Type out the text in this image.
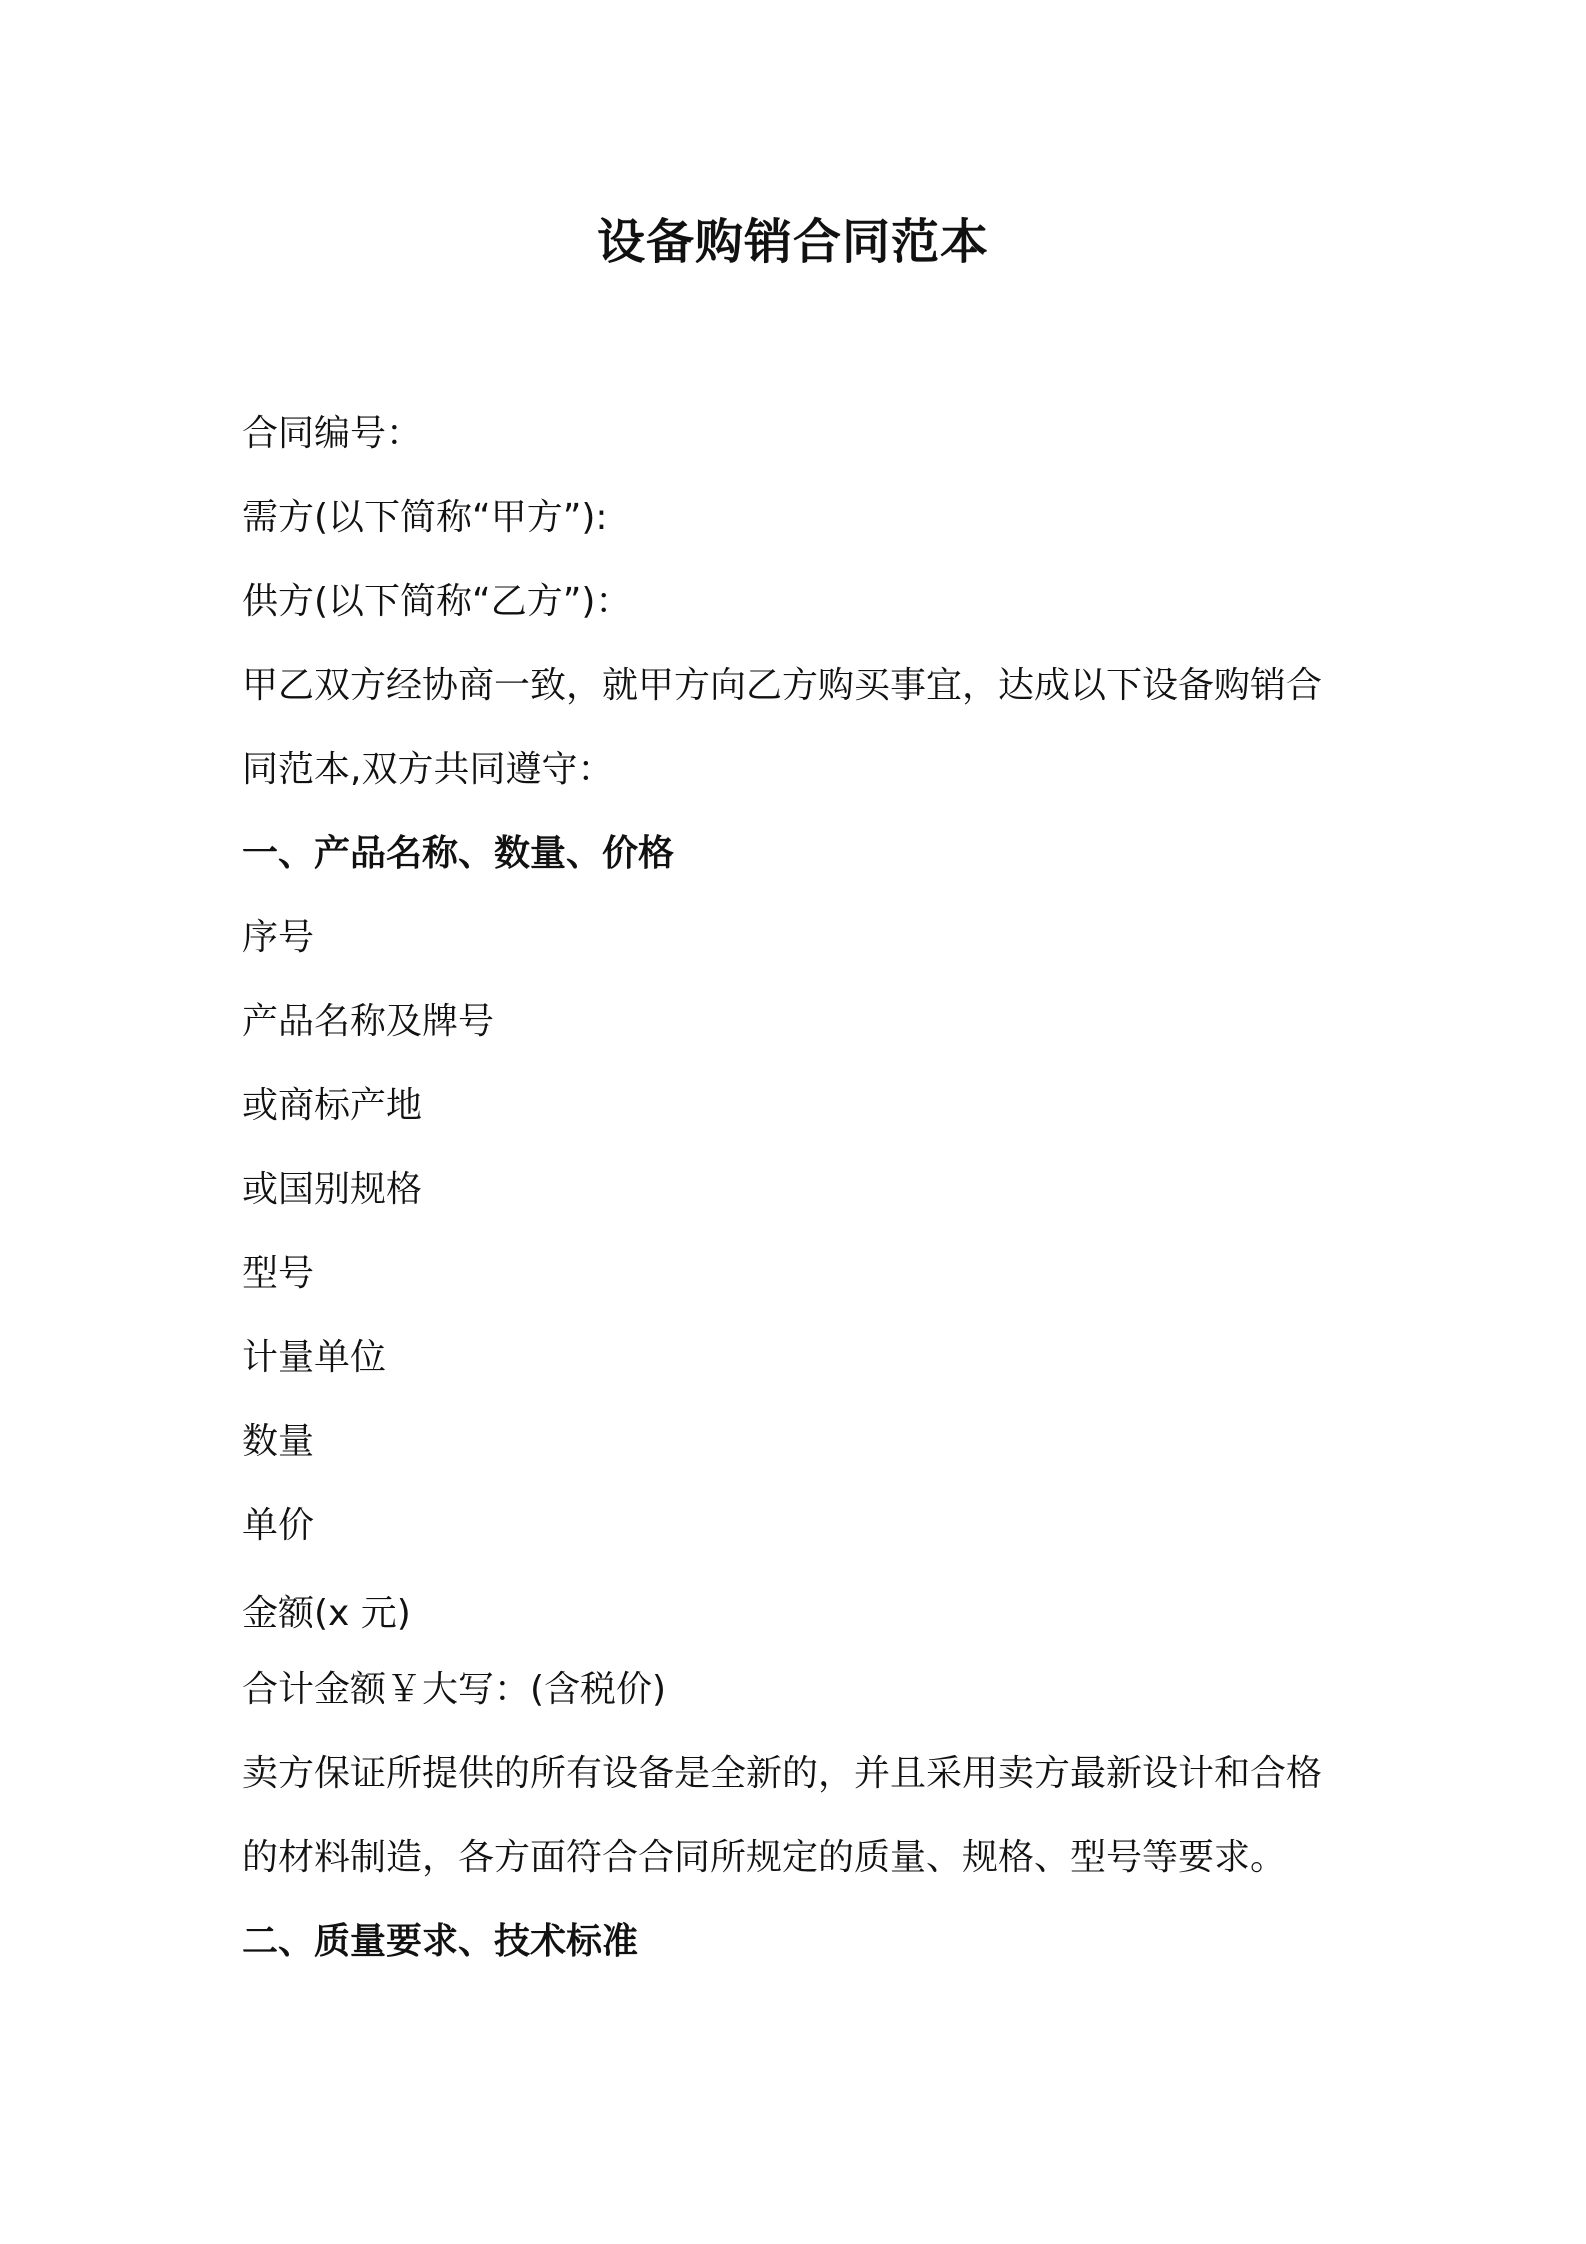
设备购销合同范本
合同编号：
需方(以下简称“甲方”):
供方(以下简称“乙方”)：
甲乙双方经协商一致，就甲方向乙方购买事宜，达成以下设备购销合
同范本,双方共同遵守：
一、产品名称、数量、价格
序号
产品名称及牌号
或商标产地
或国别规格
型号
计量单位
数量
单价
金额(x 元)
合计金额￥大写：(含税价)
卖方保证所提供的所有设备是全新的，并且采用卖方最新设计和合格
的材料制造，各方面符合合同所规定的质量、规格、型号等要求。
二、质量要求、技术标准
